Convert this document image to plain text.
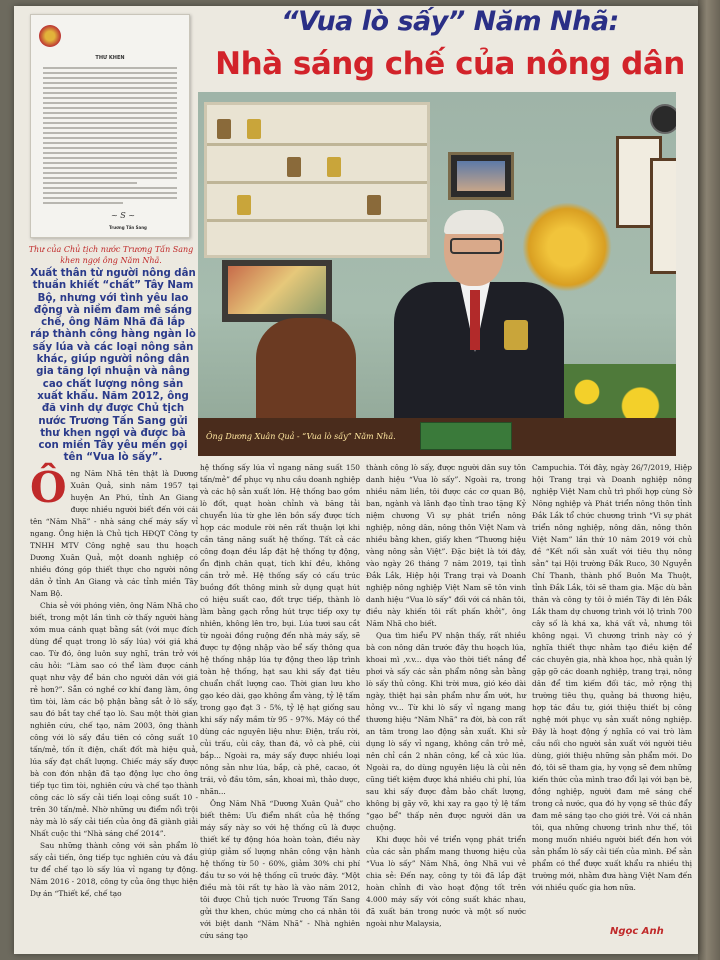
THƯ KHEN
~ S ~
Trương Tấn Sang
Thư của Chủ tịch nước Trương Tấn Sang khen ngợi ông Năm Nhã.
“Vua lò sấy” Năm Nhã:
Nhà sáng chế của nông dân
Ông Dương Xuân Quả - “Vua lò sấy” Năm Nhã.
Xuất thân từ người nông dân thuần khiết “chất” Tây Nam Bộ, nhưng với tình yêu lao động và niềm đam mê sáng chế, ông Năm Nhã đã lắp ráp thành công hàng ngàn lò sấy lúa và các loại nông sản khác, giúp người nông dân gia tăng lợi nhuận và nâng cao chất lượng nông sản xuất khẩu. Năm 2012, ông đã vinh dự được Chủ tịch nước Trương Tấn Sang gửi thư khen ngợi và được bà con miền Tây yêu mến gọi tên “Vua lò sấy”.
Ô ng Năm Nhã tên thật là Dương Xuân Quả, sinh năm 1957 tại huyện An Phú, tỉnh An Giang được nhiều người biết đến với cái tên “Năm Nhã” - nhà sáng chế máy sấy vỉ ngang. Ông hiện là Chủ tịch HĐQT Công ty TNHH MTV Công nghệ sau thu hoạch Dương Xuân Quả, một doanh nghiệp có nhiều đóng góp thiết thực cho người nông dân ở tỉnh An Giang và các tỉnh miền Tây Nam Bộ.

Chia sẻ với phóng viên, ông Năm Nhã cho biết, trong một lần tình cờ thấy người hàng xóm mua cánh quạt bằng sắt (với mục đích dùng để quạt trong lò sấy lúa) với giá khá cao. Từ đó, ông luôn suy nghĩ, trăn trở với câu hỏi: “Làm sao có thể làm được cánh quạt như vậy để bán cho người dân với giá rẻ hơn?”. Sẵn có nghề cơ khí đang làm, ông tìm tòi, làm các bộ phận bằng sắt ở lò sấy, sau đó bắt tay chế tạo lò. Sau một thời gian nghiên cứu, chế tạo, năm 2003, ông thành công với lò sấy đầu tiên có công suất 10 tấn/mẻ, tốn ít điện, chất đốt mà hiệu quả, lúa sấy đạt chất lượng. Chiếc máy sấy được bà con đón nhận đã tạo động lực cho ông tiếp tục tìm tòi, nghiên cứu và chế tạo thành công các lò sấy cải tiến loại công suất 10 - trên 30 tấn/mẻ. Nhờ những ưu điểm nổi trội này mà lò sấy cải tiến của ông đã giành giải Nhất cuộc thi “Nhà sáng chế 2014”.

Sau những thành công với sản phẩm lò sấy cải tiến, ông tiếp tục nghiên cứu và đầu tư để chế tạo lò sấy lúa vỉ ngang tự động. Năm 2016 - 2018, công ty của ông thực hiện Dự án “Thiết kế, chế tạo

hệ thống sấy lúa vỉ ngang năng suất 150 tấn/mẻ” để phục vụ nhu cầu doanh nghiệp và các hộ sản xuất lớn. Hệ thống bao gồm lò đốt, quạt hoàn chỉnh và băng tải chuyển lúa từ ghe lên bồn sấy được tích hợp các module rời nên rất thuận lợi khi cần tăng năng suất hệ thống. Tất cả các công đoạn đều lắp đặt hệ thống tự động, ổn định chân quạt, tích khí đều, không cần trở mẻ. Hệ thống sấy có cấu trúc buồng đốt thông minh sử dụng quạt hút có hiệu suất cao, đốt trực tiếp, thành lò làm bằng gạch rỗng hút trực tiếp oxy tự nhiên, không lên tro, bụi. Lúa tươi sau cắt từ ngoài đồng ruộng đến nhà máy sấy, sẽ được tự động nhập vào bể sấy thông qua hệ thống nhập lúa tự động theo lập trình toàn hệ thống, hạt sau khi sấy đạt tiêu chuẩn chất lượng cao. Thời gian lưu kho gạo kéo dài, gạo không ẩm vàng, tỷ lệ tấm trong gạo đạt 3 - 5%, tỷ lệ hạt giống sau khi sấy nẩy mầm từ 95 - 97%. Máy có thể dùng các nguyên liệu như: Điện, trấu rời, củi trấu, củi cây, than đá, vỏ cà phê, cùi bắp... Ngoài ra, máy sấy được nhiều loại nông sản như lúa, bắp, cà phê, cacao, ớt trái, vỏ đầu tôm, sắn, khoai mì, thảo dược, nhãn...

Ông Năm Nhã “Dương Xuân Quả” cho biết thêm: Ưu điểm nhất của hệ thống máy sấy này so với hệ thống cũ là được thiết kế tự động hóa hoàn toàn, điều này giúp giảm số lượng nhân công vận hành hệ thống từ 50 - 60%, giảm 30% chi phí đầu tư so với hệ thống cũ trước đây. “Một điều mà tôi rất tự hào là vào năm 2012, tôi được Chủ tịch nước Trương Tấn Sang gửi thư khen, chúc mừng cho cá nhân tôi với biệt danh “Năm Nhã” - Nhà nghiên cứu sáng tạo

thành công lò sấy, được người dân suy tôn danh hiệu “Vua lò sấy”. Ngoài ra, trong nhiều năm liền, tôi được các cơ quan Bộ, ban, ngành và lãnh đạo tỉnh trao tặng Kỷ niệm chương Vì sự phát triển nông nghiệp, nông dân, nông thôn Việt Nam và nhiều bằng khen, giấy khen “Thương hiệu vàng nông sản Việt”. Đặc biệt là tới đây, vào ngày 26 tháng 7 năm 2019, tại tỉnh Đắk Lắk, Hiệp hội Trang trại và Doanh nghiệp nông nghiệp Việt Nam sẽ tôn vinh danh hiệu “Vua lò sấy” đối với cá nhân tôi, điều này khiến tôi rất phấn khởi”, ông Năm Nhã cho biết.

Qua tìm hiểu PV nhận thấy, rất nhiều bà con nông dân trước đây thu hoạch lúa, khoai mì ,v.v... dựa vào thời tiết nắng để phơi và sấy các sản phẩm nông sản bằng lò sấy thủ công. Khi trời mưa, gió kéo dài ngày, thiệt hại sản phẩm như ẩm ướt, hư hỏng vv... Từ khi lò sấy vỉ ngang mang thương hiệu “Năm Nhã” ra đời, bà con rất an tâm trong lao động sản xuất. Khi sử dụng lò sấy vỉ ngang, không cần trở mẻ, nên chỉ cần 2 nhân công, kể cả xúc lúa. Ngoài ra, do dùng nguyên liệu là củi nên cũng tiết kiệm được khá nhiều chi phí, lúa sau khi sấy được đảm bảo chất lượng, không bị gãy vỡ, khi xay ra gạo tỷ lệ tấm “gạo bể” thấp nên được người dân ưa chuộng.

Khi được hỏi về triển vọng phát triển của các sản phẩm mang thương hiệu của “Vua lò sấy” Năm Nhã, ông Nhã vui vẻ chia sẻ: Đến nay, công ty tôi đã lắp đặt hoàn chỉnh đi vào hoạt động tốt trên 4.000 máy sấy với công suất khác nhau, đã xuất bán trong nước và một số nước ngoài như Malaysia,

Campuchia. Tới đây, ngày 26/7/2019, Hiệp hội Trang trại và Doanh nghiệp nông nghiệp Việt Nam chủ trì phối hợp cùng Sở Nông nghiệp và Phát triển nông thôn tỉnh Đắk Lắk tổ chức chương trình “Vì sự phát triển nông nghiệp, nông dân, nông thôn Việt Nam” lần thứ 10 năm 2019 với chủ đề “Kết nối sản xuất với tiêu thụ nông sản” tại Hội trường Đắk Ruco, 30 Nguyễn Chí Thanh, thành phố Buôn Ma Thuột, tỉnh Đắk Lắk, tôi sẽ tham gia. Mặc dù bản thân và công ty tôi ở miền Tây đi lên Đắk Lắk tham dự chương trình với lộ trình 700 cây số là khá xa, khá vất vả, nhưng tôi không ngại. Vì chương trình này có ý nghĩa thiết thực nhằm tạo điều kiện để các chuyên gia, nhà khoa học, nhà quản lý gặp gỡ các doanh nghiệp, trang trại, nông dân để tìm kiếm đối tác, mở rộng thị trường tiêu thụ, quảng bá thương hiệu, hợp tác đầu tư, giới thiệu thiết bị công nghệ mới phục vụ sản xuất nông nghiệp. Đây là hoạt động ý nghĩa có vai trò làm cầu nối cho người sản xuất với người tiêu dùng, giới thiệu những sản phẩm mới. Do đó, tôi sẽ tham gia, hy vọng sẽ đem những kiến thức của mình trao đổi lại với bạn bè, đồng nghiệp, người đam mê sáng chế trong cả nước, qua đó hy vọng sẽ thúc đẩy đam mê sáng tạo cho giới trẻ. Với cá nhân tôi, qua những chương trình như thế, tôi mong muốn nhiều người biết đến hơn với sản phẩm lò sấy cải tiến của mình. Để sản phẩm có thể được xuất khẩu ra nhiều thị trường mới, nhằm đưa hàng Việt Nam đến với nhiều quốc gia hơn nữa.

Ngọc Anh
